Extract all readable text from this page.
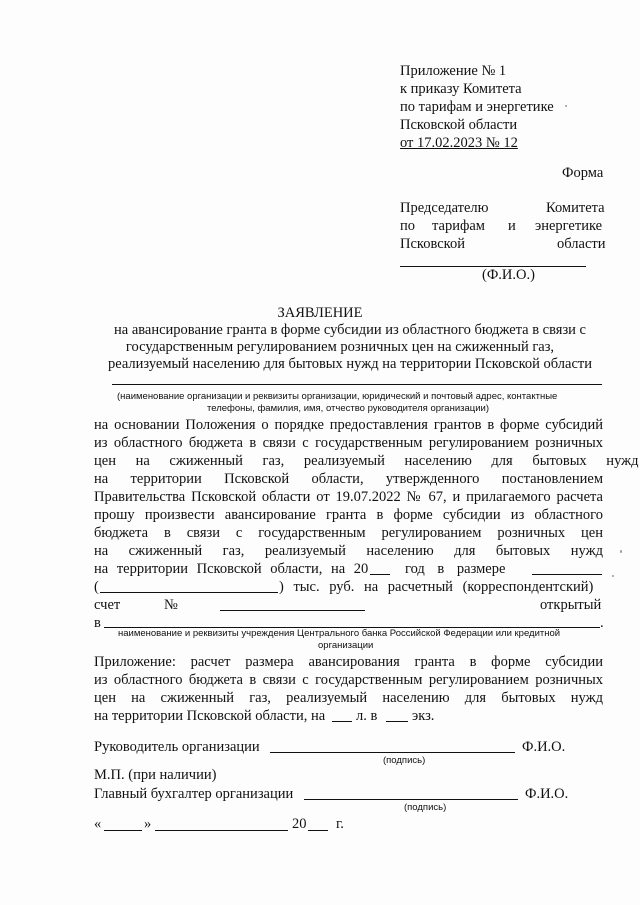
Приложение № 1
к приказу Комитета
по тарифам и энергетике
Псковской области
от 17.02.2023 № 12
Форма
Председателю	Комитета
по тарифам и энергетике
Псковской	области
(Ф.И.О.)
ЗАЯВЛЕНИЕ
на авансирование гранта в форме субсидии из областного бюджета в связи с
государственным регулированием розничных цен на сжиженный газ,
реализуемый населению для бытовых нужд на территории Псковской области
(наименование организации и реквизиты организации, юридический и почтовый адрес, контактные
телефоны, фамилия, имя, отчество руководителя организации)
на основании Положения о порядке предоставления грантов в форме субсидий
из областного бюджета в связи с государственным регулированием розничных
цен на сжиженный газ, реализуемый населению для бытовых нужд
на территории Псковской области, утвержденного постановлением
Правительства Псковской области от 19.07.2022 № 67, и прилагаемого расчета
прошу произвести авансирование гранта в форме субсидии из областного
бюджета в связи с государственным регулированием розничных цен
на сжиженный газ, реализуемый населению для бытовых нужд
на территории Псковской области, на 20	год в размере
(	) тыс. руб. на расчетный (корреспондентский)
счет	№	открытый
в	.
наименование и реквизиты учреждения Центрального банка Российской Федерации или кредитной
организации
Приложение: расчет размера авансирования гранта в форме субсидии
из областного бюджета в связи с государственным регулированием розничных
цен на сжиженный газ, реализуемый населению для бытовых нужд
на территории Псковской области, на л. в экз.
Руководитель организации	Ф.И.О.
(подпись)
М.П. (при наличии)
Главный бухгалтер организации	Ф.И.О.
(подпись)
«	»	20 г.
